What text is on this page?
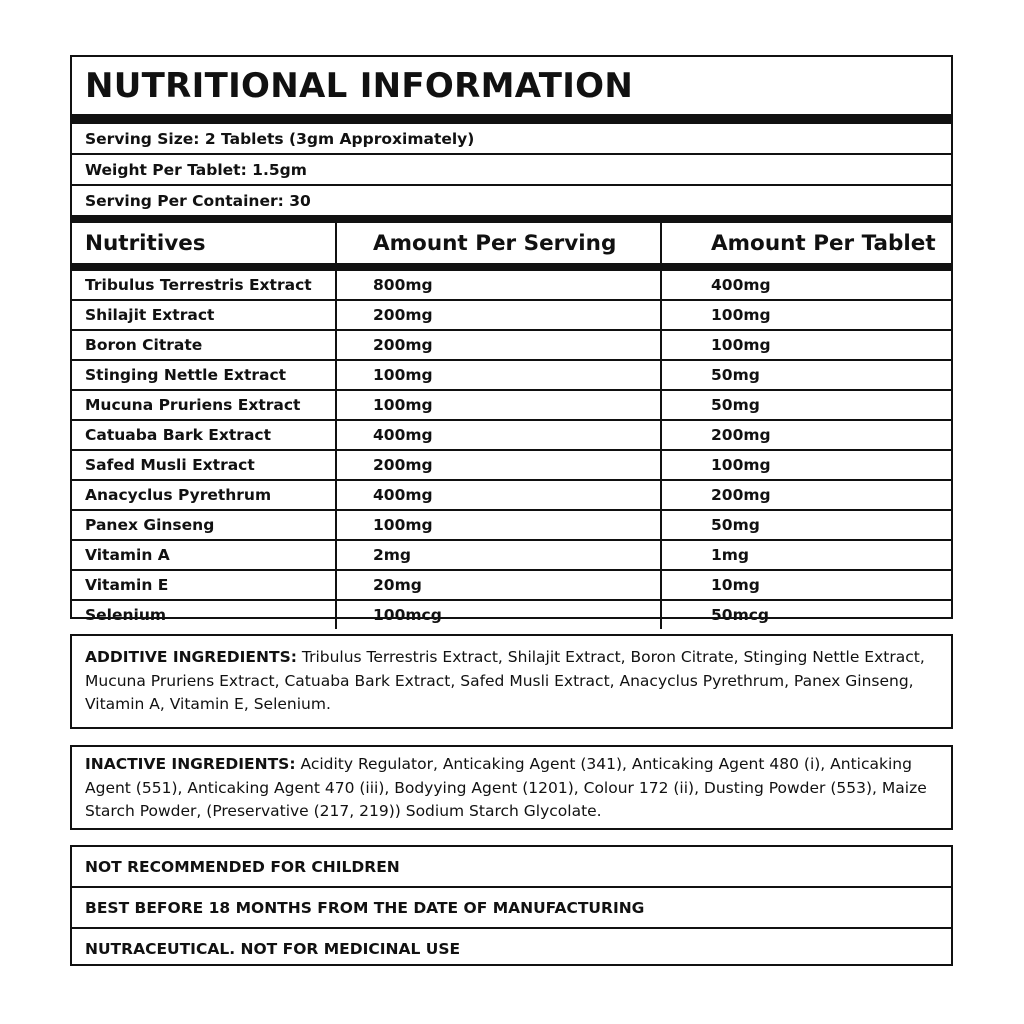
NUTRITIONAL INFORMATION
Serving Size: 2 Tablets (3gm Approximately)
Weight Per Tablet: 1.5gm
Serving Per Container: 30
Nutritives	Amount Per Serving	Amount Per Tablet
Tribulus Terrestris Extract	800mg	400mg
Shilajit Extract	200mg	100mg
Boron Citrate	200mg	100mg
Stinging Nettle Extract	100mg	50mg
Mucuna Pruriens Extract	100mg	50mg
Catuaba Bark Extract	400mg	200mg
Safed Musli Extract	200mg	100mg
Anacyclus Pyrethrum	400mg	200mg
Panex Ginseng	100mg	50mg
Vitamin A	2mg	1mg
Vitamin E	20mg	10mg
Selenium	100mcg	50mcg
ADDITIVE INGREDIENTS: Tribulus Terrestris Extract, Shilajit Extract, Boron Citrate, Stinging Nettle Extract, Mucuna Pruriens Extract, Catuaba Bark Extract, Safed Musli Extract, Anacyclus Pyrethrum, Panex Ginseng, Vitamin A, Vitamin E, Selenium.
INACTIVE INGREDIENTS: Acidity Regulator, Anticaking Agent (341), Anticaking Agent 480 (i), Anticaking Agent (551), Anticaking Agent 470 (iii), Bodyying Agent (1201), Colour 172 (ii), Dusting Powder (553), Maize Starch Powder, (Preservative (217, 219)) Sodium Starch Glycolate.
NOT RECOMMENDED FOR CHILDREN
BEST BEFORE 18 MONTHS FROM THE DATE OF MANUFACTURING
NUTRACEUTICAL. NOT FOR MEDICINAL USE
